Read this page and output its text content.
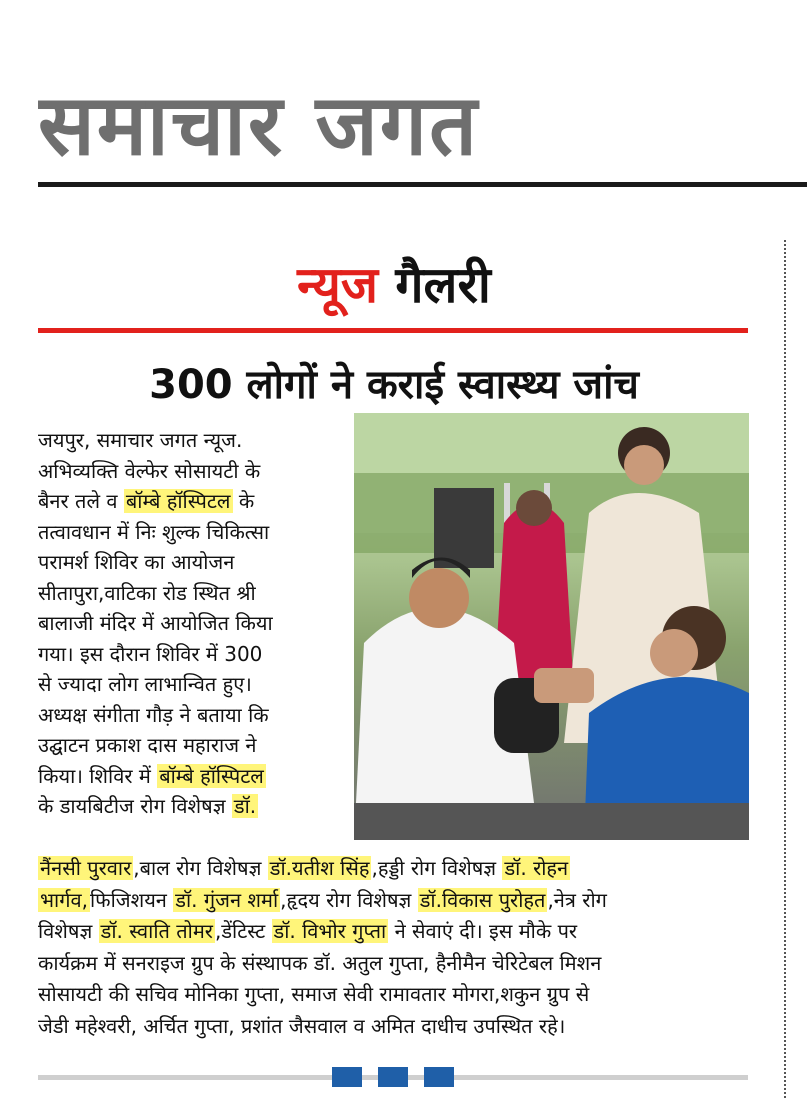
समाचार जगत
न्यूज गैलरी
300 लोगों ने कराई स्वास्थ्य जांच
जयपुर, समाचार जगत न्यूज.
अभिव्यक्ति वेल्फेर सोसायटी के
बैनर तले व बॉम्बे हॉस्पिटल के
तत्वावधान में निः शुल्क चिकित्सा
परामर्श शिविर का आयोजन
सीतापुरा,वाटिका रोड स्थित श्री
बालाजी मंदिर में आयोजित किया
गया। इस दौरान शिविर में 300
से ज्यादा लोग लाभान्वित हुए।
अध्यक्ष संगीता गौड़ ने बताया कि
उद्घाटन प्रकाश दास महाराज ने
किया। शिविर में बॉम्बे हॉस्पिटल
के डायबिटीज रोग विशेषज्ञ डॉ.
नैंनसी पुरवार ,बाल रोग विशेषज्ञ डॉ.यतीश सिंह ,हड्डी रोग विशेषज्ञ डॉ. रोहन
भार्गव, फिजिशयन डॉ. गुंजन शर्मा ,हृदय रोग विशेषज्ञ डॉ.विकास पुरोहत ,नेत्र रोग
विशेषज्ञ डॉ. स्वाति तोमर ,डेंटिस्ट डॉ. विभोर गुप्ता ने सेवाएं दी। इस मौके पर
कार्यक्रम में सनराइज ग्रुप के संस्थापक डॉ. अतुल गुप्ता, हैनीमैन चेरिटेबल मिशन
सोसायटी की सचिव मोनिका गुप्ता, समाज सेवी रामावतार मोगरा,शकुन ग्रुप से
जेडी महेश्वरी, अर्चित गुप्ता, प्रशांत जैसवाल व अमित दाधीच उपस्थित रहे।
